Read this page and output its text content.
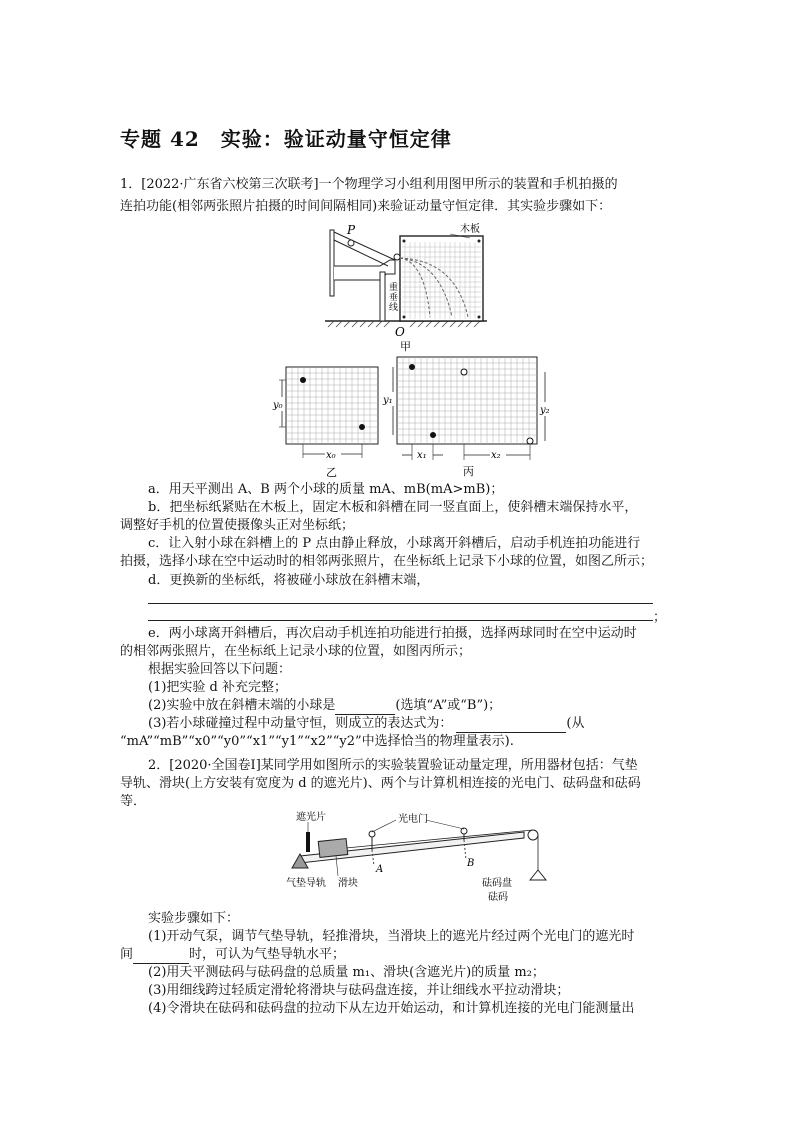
专题 42　实验：验证动量守恒定律
1．[2022·广东省六校第三次联考]一个物理学习小组利用图甲所示的装置和手机拍摄的
连拍功能(相邻两张照片拍摄的时间间隔相同)来验证动量守恒定律．其实验步骤如下：
P	木板
重
垂
线
O
甲
y₀
x₀
乙
y₁
y₂
x₁	x₂
丙
a．用天平测出 A、B 两个小球的质量 mA、mB(mA>mB)；
b．把坐标纸紧贴在木板上，固定木板和斜槽在同一竖直面上，使斜槽末端保持水平，
调整好手机的位置使摄像头正对坐标纸；
c．让入射小球在斜槽上的 P 点由静止释放，小球离开斜槽后，启动手机连拍功能进行
拍摄，选择小球在空中运动时的相邻两张照片，在坐标纸上记录下小球的位置，如图乙所示；
d．更换新的坐标纸，将被碰小球放在斜槽末端，
；
e．两小球离开斜槽后，再次启动手机连拍功能进行拍摄，选择两球同时在空中运动时
的相邻两张照片，在坐标纸上记录小球的位置，如图丙所示；
根据实验回答以下问题：
(1)把实验 d 补充完整；
(2)实验中放在斜槽末端的小球是	(选填“A”或“B”)；
(3)若小球碰撞过程中动量守恒，则成立的表达式为：	(从
“mA”“mB”“x0”“y0”“x1”“y1”“x2”“y2”中选择恰当的物理量表示).
2．[2020·全国卷Ⅰ]某同学用如图所示的实验装置验证动量定理，所用器材包括：气垫
导轨、滑块(上方安装有宽度为 d 的遮光片)、两个与计算机相连接的光电门、砝码盘和砝码
等．
遮光片	光电门
A
B
气垫导轨 滑块	砝码盘
砝码
实验步骤如下：
(1)开动气泵，调节气垫导轨，轻推滑块，当滑块上的遮光片经过两个光电门的遮光时
间	时，可认为气垫导轨水平；
(2)用天平测砝码与砝码盘的总质量 m₁、滑块(含遮光片)的质量 m₂；
(3)用细线跨过轻质定滑轮将滑块与砝码盘连接，并让细线水平拉动滑块；
(4)令滑块在砝码和砝码盘的拉动下从左边开始运动，和计算机连接的光电门能测量出
